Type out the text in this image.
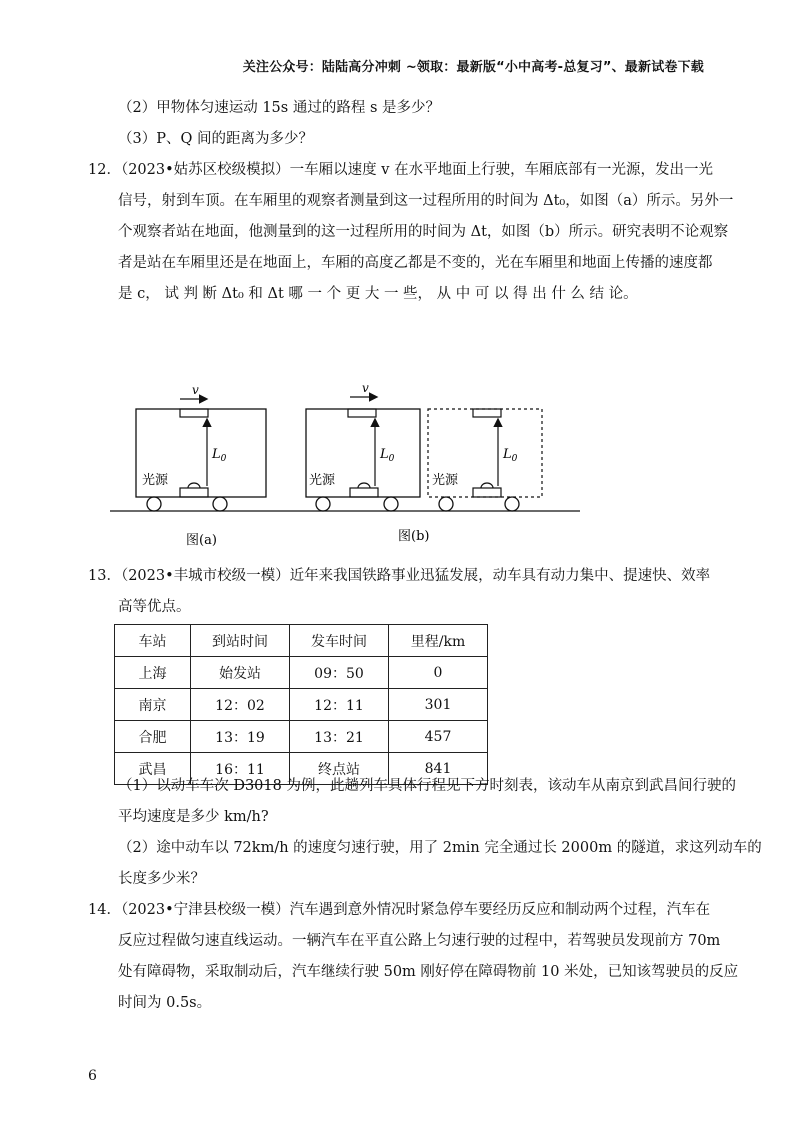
关注公众号：陆陆高分冲刺 ~领取：最新版“小中高考-总复习”、最新试卷下载
（2）甲物体匀速运动 15s 通过的路程 s 是多少？
（3）P、Q 间的距离为多少？
12．（2023•姑苏区校级模拟）一车厢以速度 v 在水平地面上行驶，车厢底部有一光源，发出一光
信号，射到车顶。在车厢里的观察者测量到这一过程所用的时间为 Δt₀，如图（a）所示。另外一
个观察者站在地面，他测量到的这一过程所用的时间为 Δt，如图（b）所示。研究表明不论观察
者是站在车厢里还是在地面上，车厢的高度乙都是不变的，光在车厢里和地面上传播的速度都
是 c， 试 判 断 Δt₀ 和 Δt 哪 一 个 更 大 一 些， 从 中 可 以 得 出 什 么 结 论。
v
$L_0$
光源
v
$L_0$
光源
$L_0$
光源
图(a)	图(b)
13．（2023•丰城市校级一模）近年来我国铁路事业迅猛发展，动车具有动力集中、提速快、效率
高等优点。
车站	到站时间	发车时间	里程/km
上海	始发站	09：50	0
南京	12：02	12：11	301
合肥	13：19	13：21	457
武昌	16：11	终点站	841
（1）以动车车次 D3018 为例，此趟列车具体行程见下方时刻表，该动车从南京到武昌间行驶的
平均速度是多少 km/h?
（2）途中动车以 72km/h 的速度匀速行驶，用了 2min 完全通过长 2000m 的隧道，求这列动车的
长度多少米？
14．（2023•宁津县校级一模）汽车遇到意外情况时紧急停车要经历反应和制动两个过程，汽车在
反应过程做匀速直线运动。一辆汽车在平直公路上匀速行驶的过程中，若驾驶员发现前方 70m
处有障碍物，采取制动后，汽车继续行驶 50m 刚好停在障碍物前 10 米处，已知该驾驶员的反应
时间为 0.5s。
6
